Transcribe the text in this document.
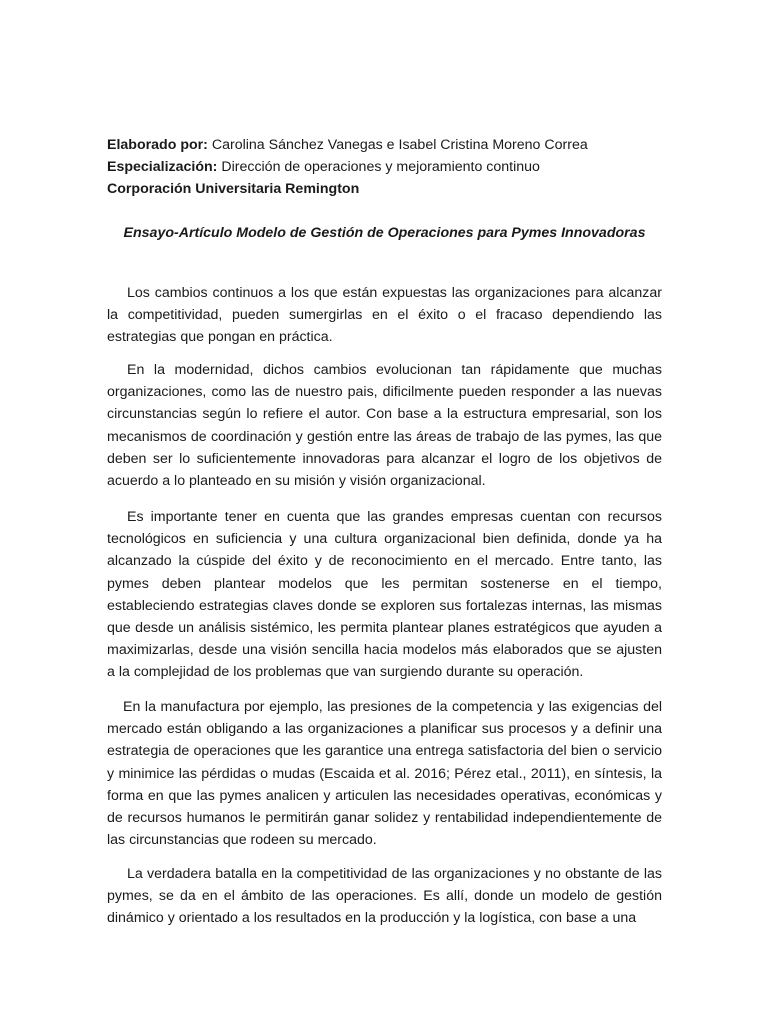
Elaborado por: Carolina Sánchez Vanegas e Isabel Cristina Moreno Correa
Especialización: Dirección de operaciones y mejoramiento continuo
Corporación Universitaria Remington
Ensayo-Artículo Modelo de Gestión de Operaciones para Pymes Innovadoras

Los cambios continuos a los que están expuestas las organizaciones para alcanzar la competitividad, pueden sumergirlas en el éxito o el fracaso dependiendo las estrategias que pongan en práctica.

En la modernidad, dichos cambios evolucionan tan rápidamente que muchas organizaciones, como las de nuestro pais, dificilmente pueden responder a las nuevas circunstancias según lo refiere el autor. Con base a la estructura empresarial, son los mecanismos de coordinación y gestión entre las áreas de trabajo de las pymes, las que deben ser lo suficientemente innovadoras para alcanzar el logro de los objetivos de acuerdo a lo planteado en su misión y visión organizacional.

Es importante tener en cuenta que las grandes empresas cuentan con recursos tecnológicos en suficiencia y una cultura organizacional bien definida, donde ya ha alcanzado la cúspide del éxito y de reconocimiento en el mercado. Entre tanto, las pymes deben plantear modelos que les permitan sostenerse en el tiempo, estableciendo estrategias claves donde se exploren sus fortalezas internas, las mismas que desde un análisis sistémico, les permita plantear planes estratégicos que ayuden a maximizarlas, desde una visión sencilla hacia modelos más elaborados que se ajusten a la complejidad de los problemas que van surgiendo durante su operación.

En la manufactura por ejemplo, las presiones de la competencia y las exigencias del mercado están obligando a las organizaciones a planificar sus procesos y a definir una estrategia de operaciones que les garantice una entrega satisfactoria del bien o servicio y minimice las pérdidas o mudas (Escaida et al. 2016; Pérez etal., 2011), en síntesis, la forma en que las pymes analicen y articulen las necesidades operativas, económicas y de recursos humanos le permitirán ganar solidez y rentabilidad independientemente de las circunstancias que rodeen su mercado.

La verdadera batalla en la competitividad de las organizaciones y no obstante de las pymes, se da en el ámbito de las operaciones. Es allí, donde un modelo de gestión dinámico y orientado a los resultados en la producción y la logística, con base a una
